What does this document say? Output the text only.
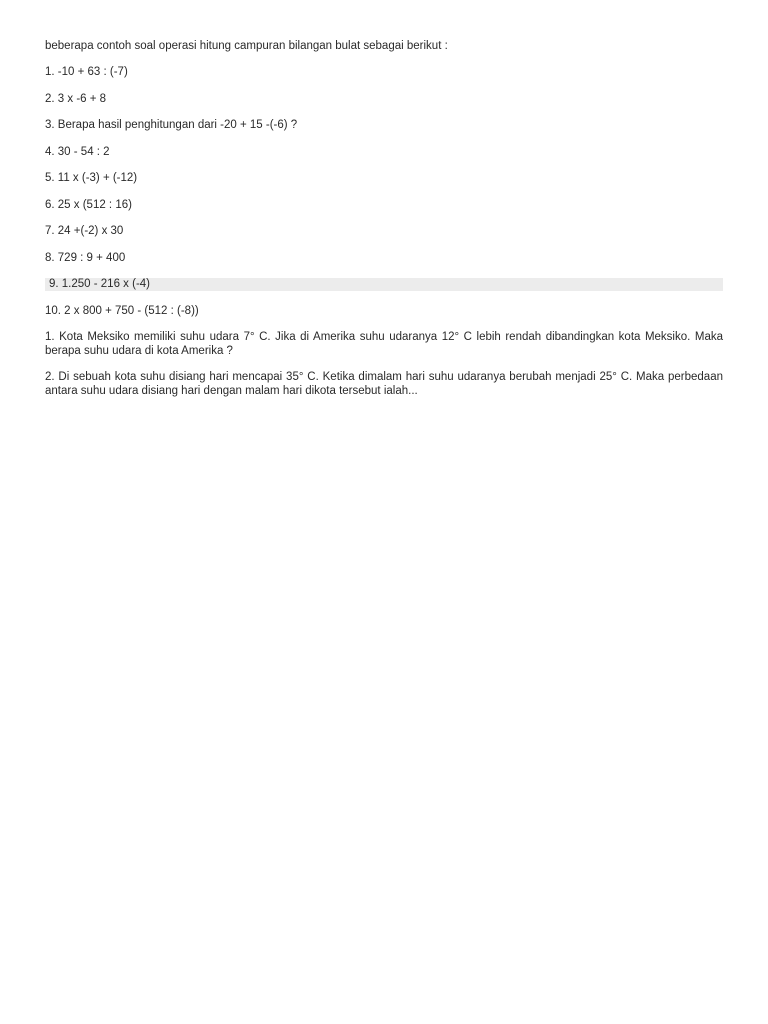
beberapa contoh soal operasi hitung campuran bilangan bulat sebagai berikut :

1. -10 + 63 : (-7)

2. 3 x -6 + 8

3. Berapa hasil penghitungan dari -20 + 15 -(-6) ?

4. 30 - 54 : 2

5. 11 x (-3) + (-12)

6. 25 x (512 : 16)

7. 24 +(-2) x 30

8. 729 : 9 + 400

9. 1.250 - 216 x (-4)

10. 2 x 800 + 750 - (512 : (-8))

1. Kota Meksiko memiliki suhu udara 7° C. Jika di Amerika suhu udaranya 12° C lebih rendah dibandingkan kota Meksiko. Maka berapa suhu udara di kota Amerika ?

2. Di sebuah kota suhu disiang hari mencapai 35° C. Ketika dimalam hari suhu udaranya berubah menjadi 25° C. Maka perbedaan antara suhu udara disiang hari dengan malam hari dikota tersebut ialah...
